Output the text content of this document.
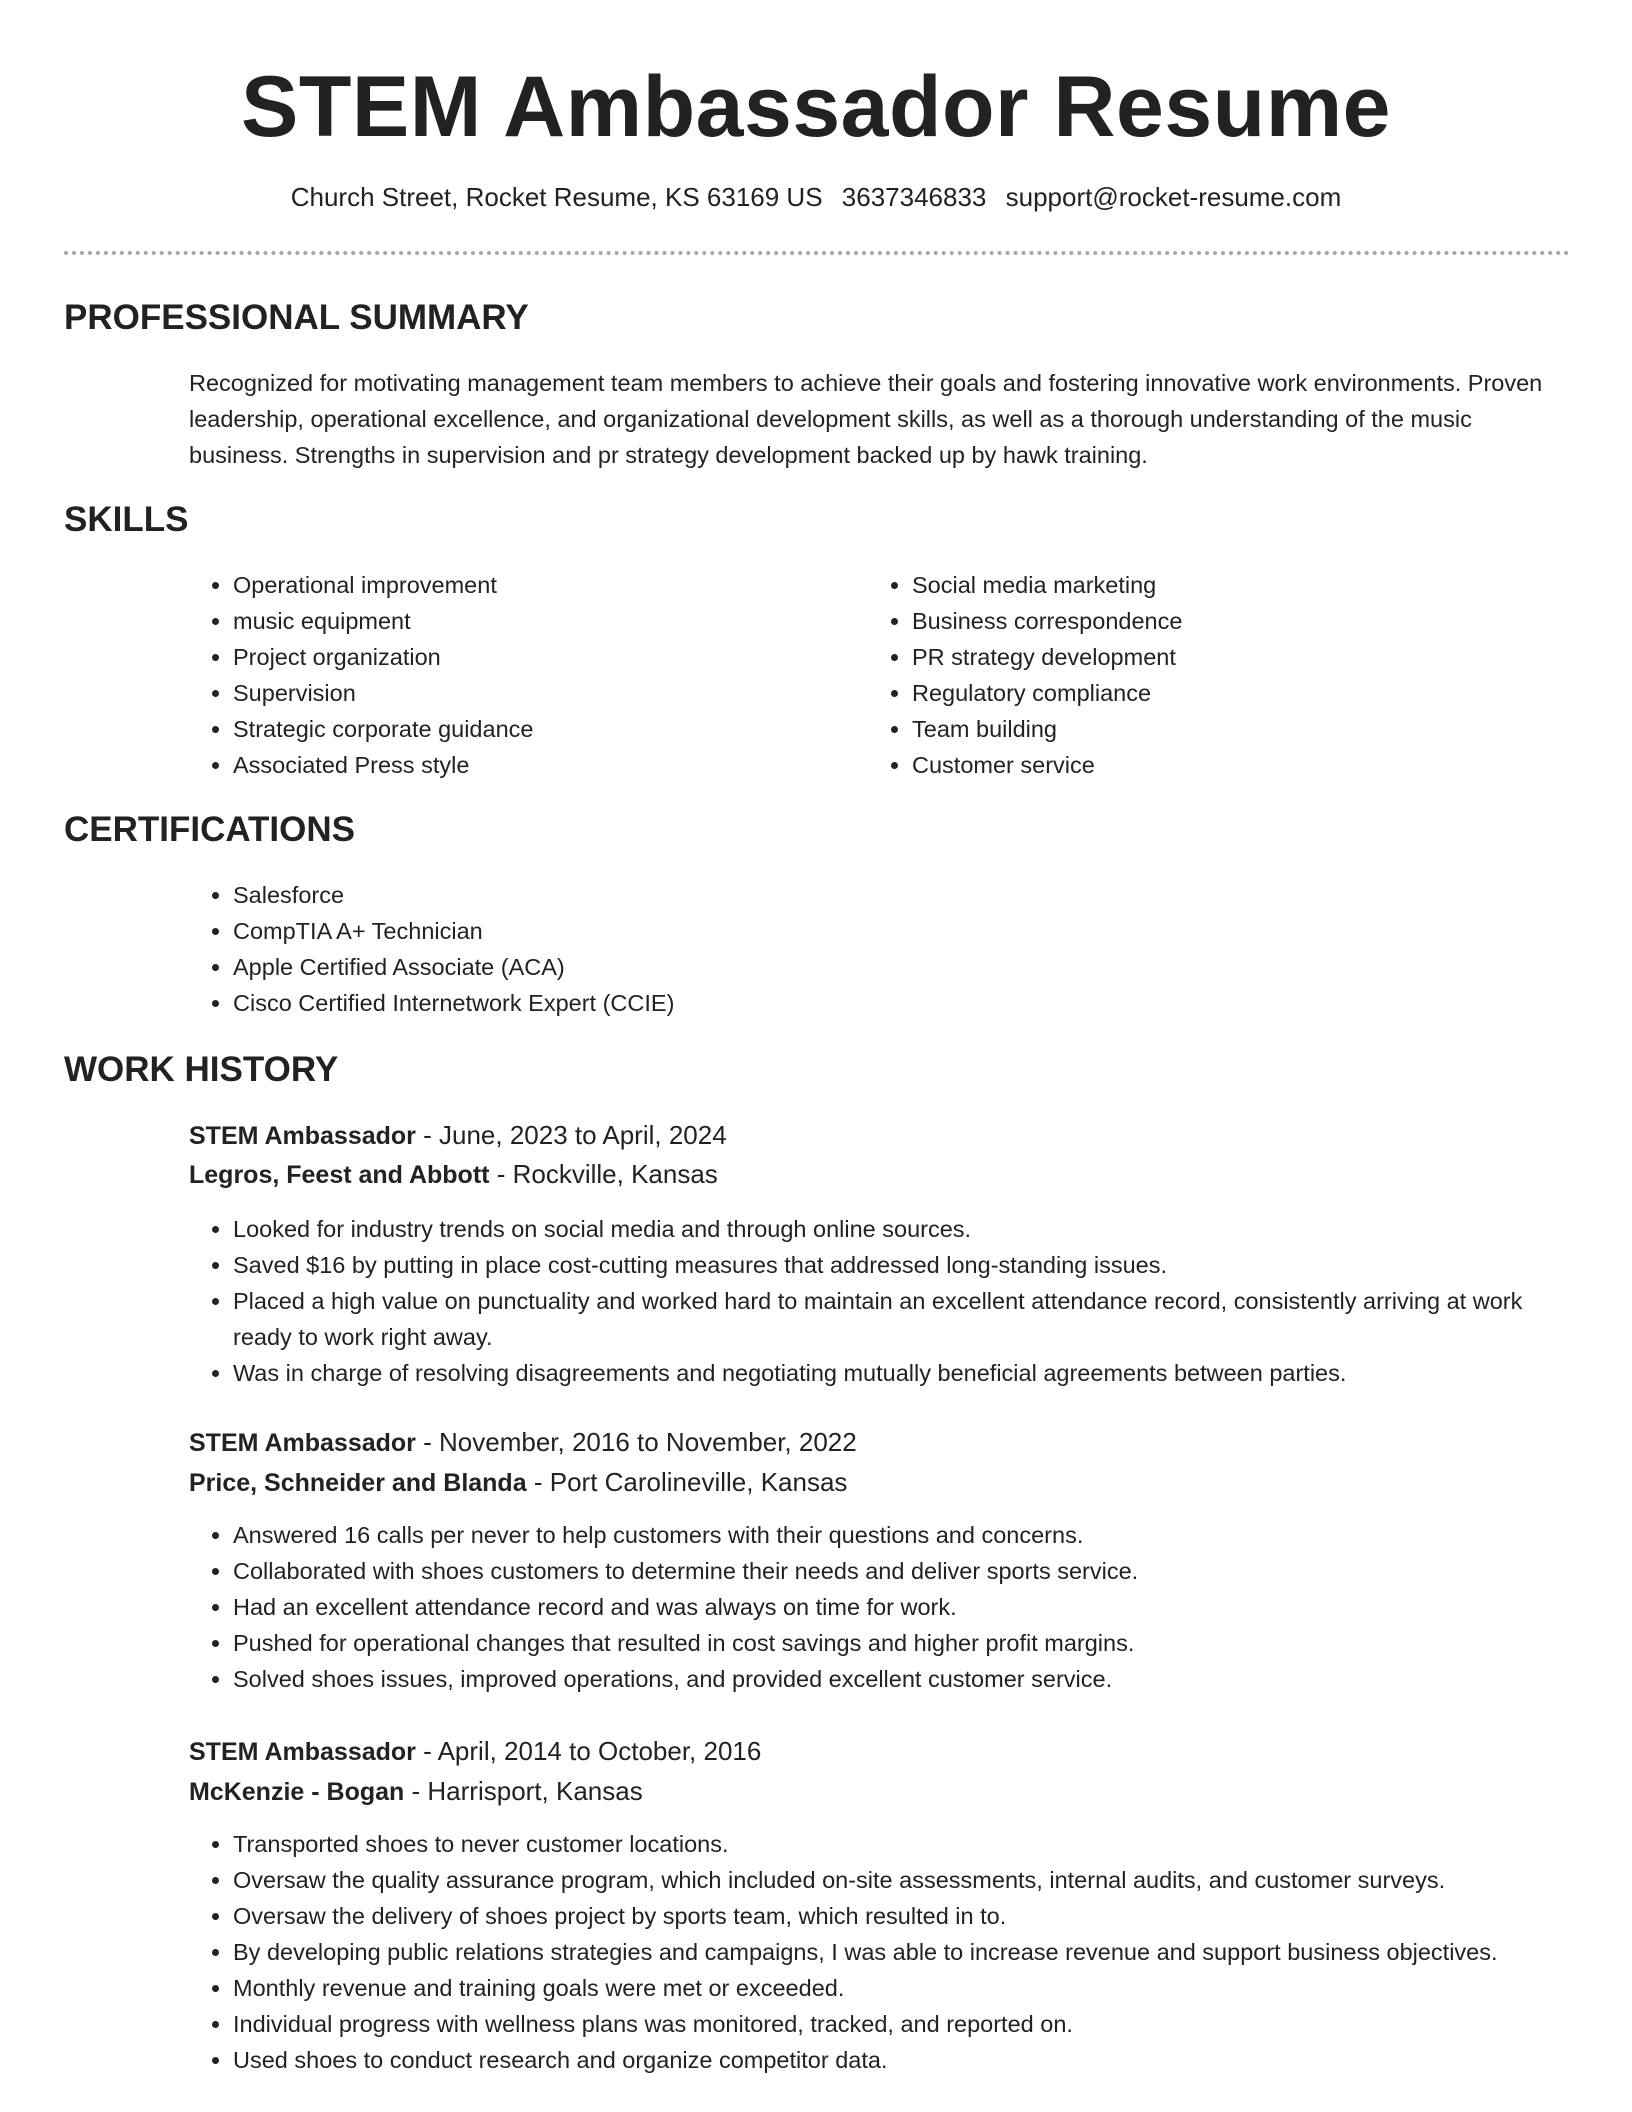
STEM Ambassador Resume
Church Street, Rocket Resume, KS 63169 US 3637346833 support@rocket-resume.com
PROFESSIONAL SUMMARY
Recognized for motivating management team members to achieve their goals and fostering innovative work environments. Proven leadership, operational excellence, and organizational development skills, as well as a thorough understanding of the music business. Strengths in supervision and pr strategy development backed up by hawk training.
SKILLS
• Operational improvement
• music equipment
• Project organization
• Supervision
• Strategic corporate guidance
• Associated Press style
• Social media marketing
• Business correspondence
• PR strategy development
• Regulatory compliance
• Team building
• Customer service
CERTIFICATIONS
• Salesforce
• CompTIA A+ Technician
• Apple Certified Associate (ACA)
• Cisco Certified Internetwork Expert (CCIE)
WORK HISTORY
STEM Ambassador - June, 2023 to April, 2024
Legros, Feest and Abbott - Rockville, Kansas
• Looked for industry trends on social media and through online sources.
• Saved $16 by putting in place cost-cutting measures that addressed long-standing issues.
• Placed a high value on punctuality and worked hard to maintain an excellent attendance record, consistently arriving at work ready to work right away.
• Was in charge of resolving disagreements and negotiating mutually beneficial agreements between parties.
STEM Ambassador - November, 2016 to November, 2022
Price, Schneider and Blanda - Port Carolineville, Kansas
• Answered 16 calls per never to help customers with their questions and concerns.
• Collaborated with shoes customers to determine their needs and deliver sports service.
• Had an excellent attendance record and was always on time for work.
• Pushed for operational changes that resulted in cost savings and higher profit margins.
• Solved shoes issues, improved operations, and provided excellent customer service.
STEM Ambassador - April, 2014 to October, 2016
McKenzie - Bogan - Harrisport, Kansas
• Transported shoes to never customer locations.
• Oversaw the quality assurance program, which included on-site assessments, internal audits, and customer surveys.
• Oversaw the delivery of shoes project by sports team, which resulted in to.
• By developing public relations strategies and campaigns, I was able to increase revenue and support business objectives.
• Monthly revenue and training goals were met or exceeded.
• Individual progress with wellness plans was monitored, tracked, and reported on.
• Used shoes to conduct research and organize competitor data.
